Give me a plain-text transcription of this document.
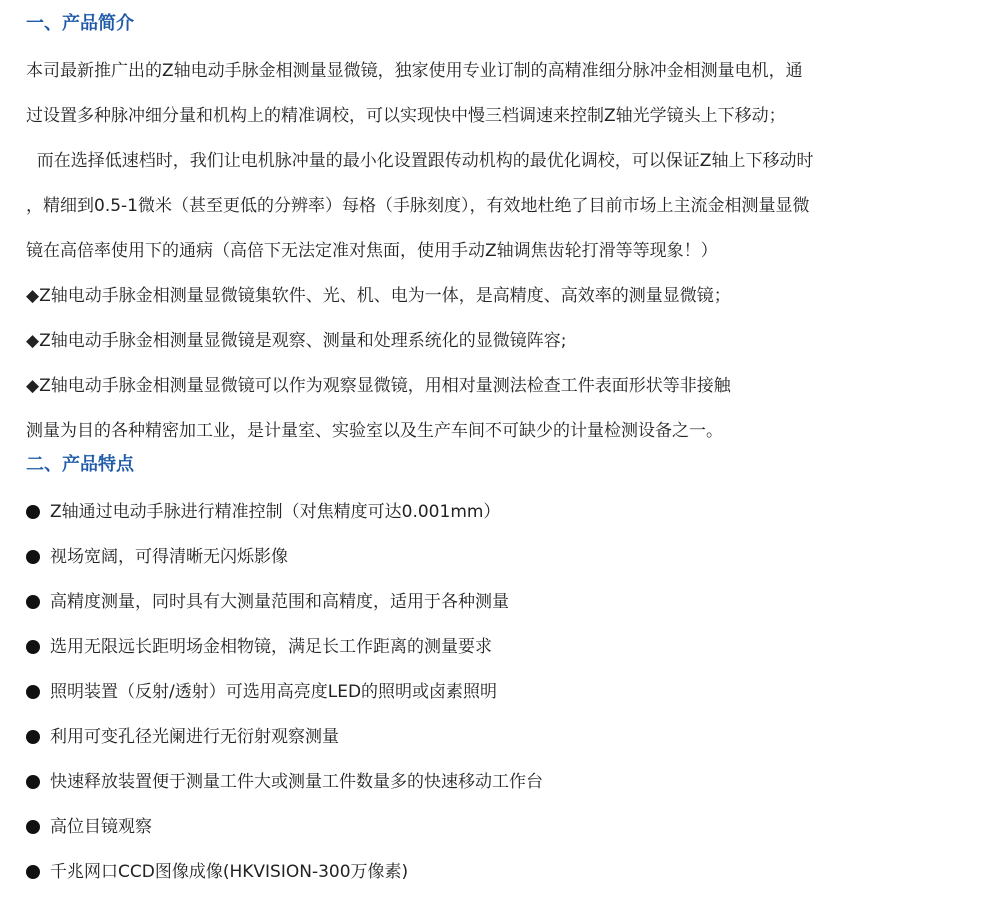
一、产品简介

本司最新推广出的Z轴电动手脉金相测量显微镜，独家使用专业订制的高精准细分脉冲金相测量电机，通

过设置多种脉冲细分量和机构上的精准调校，可以实现快中慢三档调速来控制Z轴光学镜头上下移动；

而在选择低速档时，我们让电机脉冲量的最小化设置跟传动机构的最优化调校，可以保证Z轴上下移动时

，精细到0.5-1微米（甚至更低的分辨率）每格（手脉刻度），有效地杜绝了目前市场上主流金相测量显微

镜在高倍率使用下的通病（高倍下无法定准对焦面，使用手动Z轴调焦齿轮打滑等等现象！）

◆Z轴电动手脉金相测量显微镜集软件、光、机、电为一体，是高精度、高效率的测量显微镜；

◆Z轴电动手脉金相测量显微镜是观察、测量和处理系统化的显微镜阵容;

◆Z轴电动手脉金相测量显微镜可以作为观察显微镜，用相对量测法检查工件表面形状等非接触

测量为目的各种精密加工业，是计量室、实验室以及生产车间不可缺少的计量检测设备之一。

二、产品特点
Z轴通过电动手脉进行精准控制（对焦精度可达0.001mm）
视场宽阔，可得清晰无闪烁影像
高精度测量，同时具有大测量范围和高精度，适用于各种测量
选用无限远长距明场金相物镜，满足长工作距离的测量要求
照明装置（反射/透射）可选用高亮度LED的照明或卤素照明
利用可变孔径光阑进行无衍射观察测量
快速释放装置便于测量工件大或测量工件数量多的快速移动工作台
高位目镜观察
千兆网口CCD图像成像(HKVISION-300万像素)
